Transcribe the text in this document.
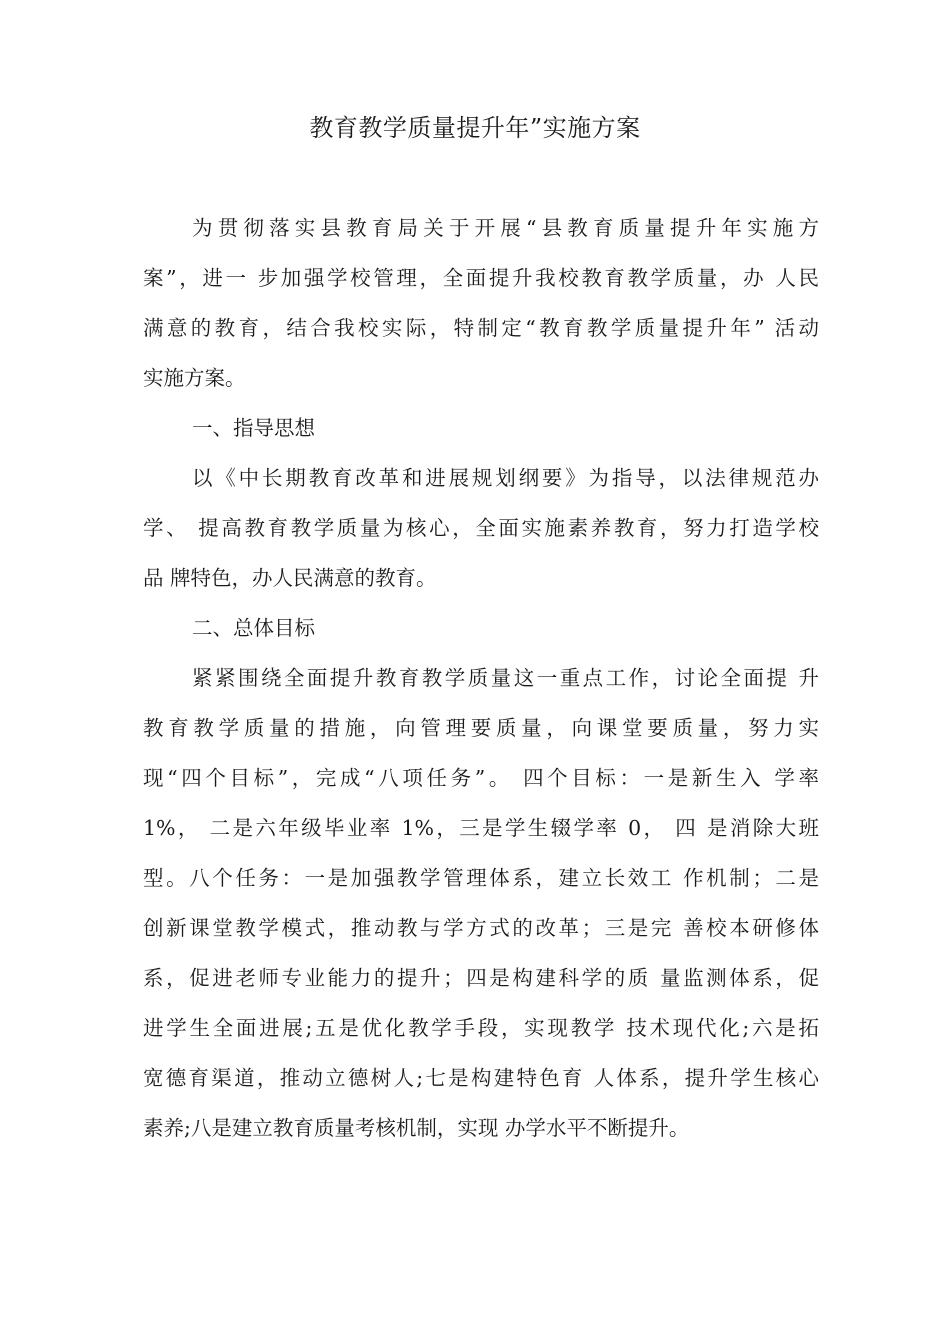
教育教学质量提升年”实施方案

为贯彻落实县教育局关于开展“县教育质量提升年实施方

案”，进一 步加强学校管理，全面提升我校教育教学质量，办 人民

满意的教育，结合我校实际，特制定“教育教学质量提升年” 活动

实施方案。

一、指导思想

以《中长期教育改革和进展规划纲要》为指导，以法律规范办

学、 提高教育教学质量为核心，全面实施素养教育，努力打造学校

品 牌特色，办人民满意的教育。

二、总体目标

紧紧围绕全面提升教育教学质量这一重点工作，讨论全面提 升

教育教学质量的措施，向管理要质量，向课堂要质量，努力实

现“四个目标”，完成“八项任务”。 四个目标：一是新生入 学率

1%， 二是六年级毕业率 1%，三是学生辍学率 0， 四 是消除大班

型。八个任务：一是加强教学管理体系，建立长效工 作机制；二是

创新课堂教学模式，推动教与学方式的改革；三是完 善校本研修体

系，促进老师专业能力的提升；四是构建科学的质 量监测体系，促

进学生全面进展;五是优化教学手段，实现教学 技术现代化;六是拓

宽德育渠道，推动立德树人;七是构建特色育 人体系，提升学生核心

素养;八是建立教育质量考核机制，实现 办学水平不断提升。
